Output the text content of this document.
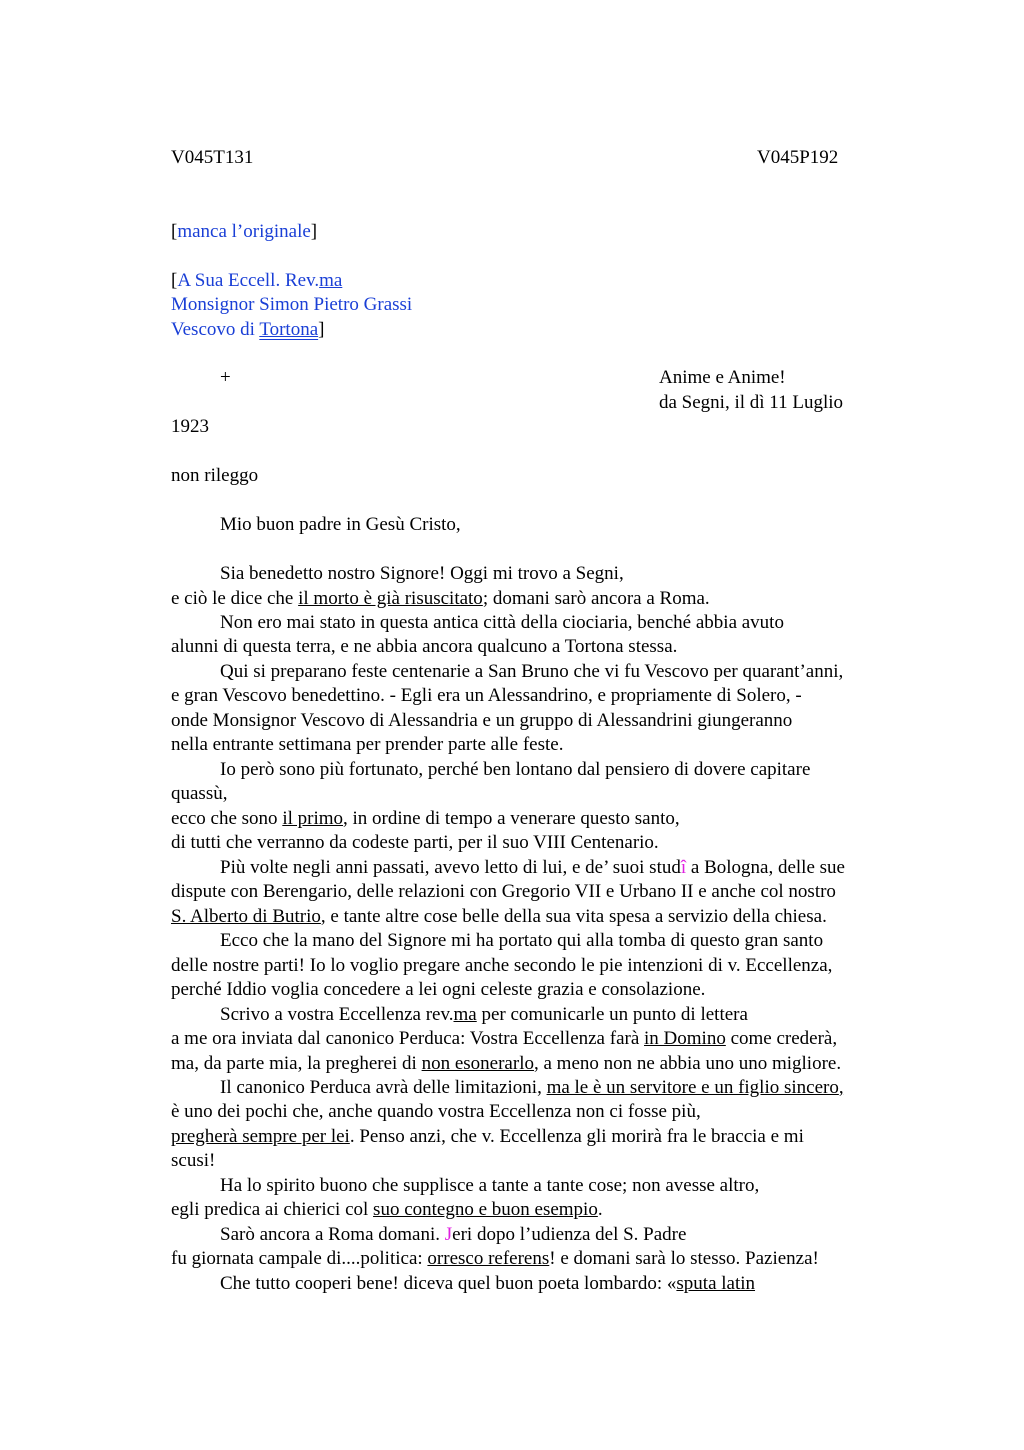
V045T131	V045P192
[manca l’originale]
[A Sua Eccell. Rev.ma
Monsignor Simon Pietro Grassi
Vescovo di Tortona]
+	Anime e Anime!
da Segni, il dì 11 Luglio
1923
non rileggo
Mio buon padre in Gesù Cristo,
Sia benedetto nostro Signore! Oggi mi trovo a Segni,
e ciò le dice che il morto è già risuscitato; domani sarò ancora a Roma.
Non ero mai stato in questa antica città della ciociaria, benché abbia avuto
alunni di questa terra, e ne abbia ancora qualcuno a Tortona stessa.
Qui si preparano feste centenarie a San Bruno che vi fu Vescovo per quarant’anni,
e gran Vescovo benedettino. - Egli era un Alessandrino, e propriamente di Solero, -
onde Monsignor Vescovo di Alessandria e un gruppo di Alessandrini giungeranno
nella entrante settimana per prender parte alle feste.
Io però sono più fortunato, perché ben lontano dal pensiero di dovere capitare
quassù,
ecco che sono il primo, in ordine di tempo a venerare questo santo,
di tutti che verranno da codeste parti, per il suo VIII Centenario.
Più volte negli anni passati, avevo letto di lui, e de’ suoi studî a Bologna, delle sue
dispute con Berengario, delle relazioni con Gregorio VII e Urbano II e anche col nostro
S. Alberto di Butrio, e tante altre cose belle della sua vita spesa a servizio della chiesa.
Ecco che la mano del Signore mi ha portato qui alla tomba di questo gran santo
delle nostre parti! Io lo voglio pregare anche secondo le pie intenzioni di v. Eccellenza,
perché Iddio voglia concedere a lei ogni celeste grazia e consolazione.
Scrivo a vostra Eccellenza rev.ma per comunicarle un punto di lettera
a me ora inviata dal canonico Perduca: Vostra Eccellenza farà in Domino come crederà,
ma, da parte mia, la pregherei di non esonerarlo, a meno non ne abbia uno uno migliore.
Il canonico Perduca avrà delle limitazioni, ma le è un servitore e un figlio sincero,
è uno dei pochi che, anche quando vostra Eccellenza non ci fosse più,
pregherà sempre per lei. Penso anzi, che v. Eccellenza gli morirà fra le braccia e mi
scusi!
Ha lo spirito buono che supplisce a tante a tante cose; non avesse altro,
egli predica ai chierici col suo contegno e buon esempio.
Sarò ancora a Roma domani. Jeri dopo l’udienza del S. Padre
fu giornata campale di....politica: orresco referens! e domani sarà lo stesso. Pazienza!
Che tutto cooperi bene! diceva quel buon poeta lombardo: «sputa latin
